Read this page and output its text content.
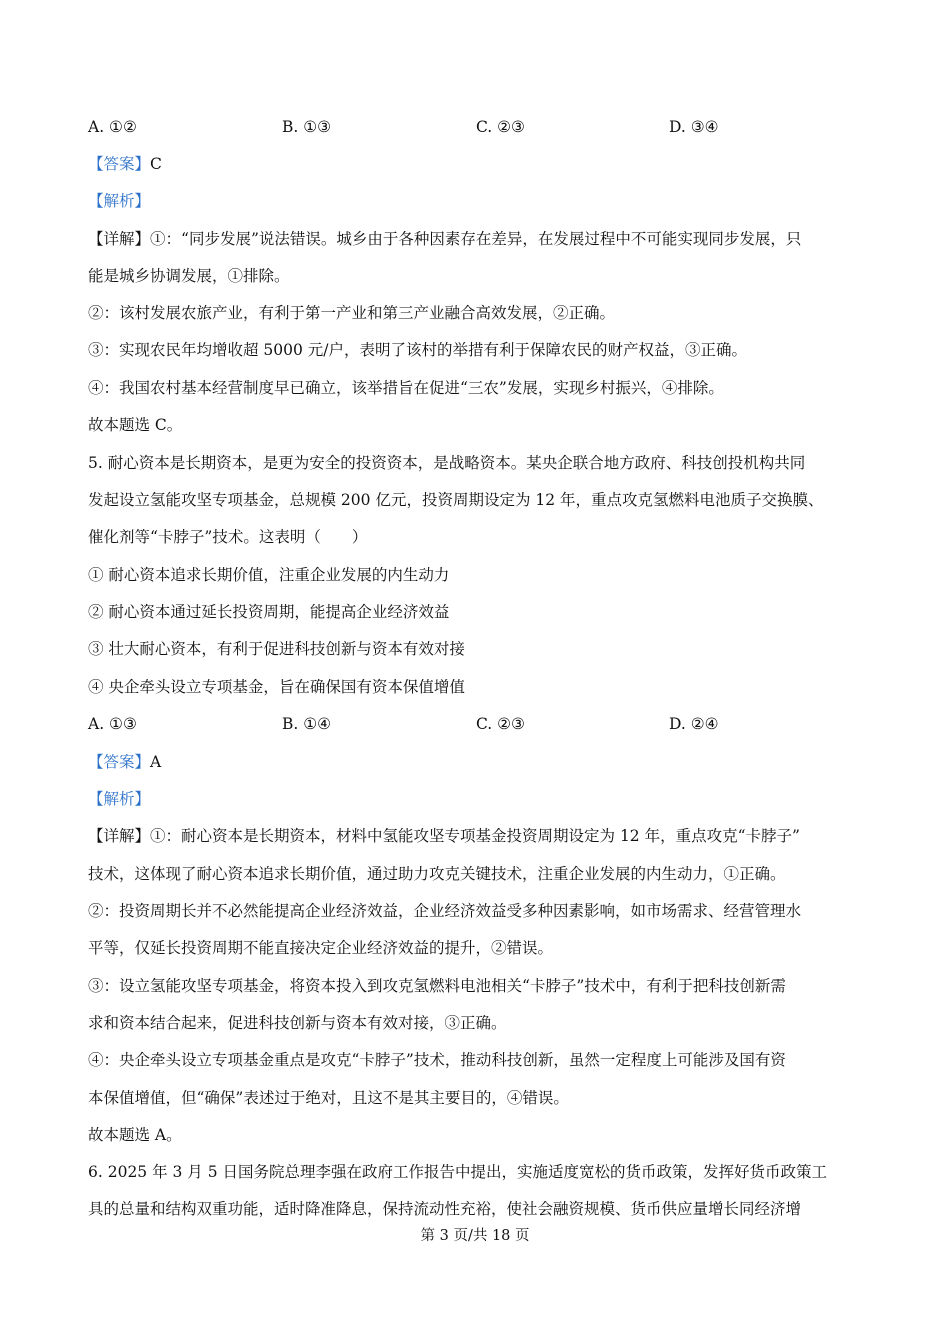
A. ①②	B. ①③	C. ②③	D. ③④
【答案】C
【解析】
【详解】①：“同步发展”说法错误。城乡由于各种因素存在差异，在发展过程中不可能实现同步发展，只
能是城乡协调发展，①排除。
②：该村发展农旅产业，有利于第一产业和第三产业融合高效发展，②正确。
③：实现农民年均增收超 5000 元/户，表明了该村的举措有利于保障农民的财产权益，③正确。
④：我国农村基本经营制度早已确立，该举措旨在促进“三农”发展，实现乡村振兴，④排除。
故本题选 C。
5. 耐心资本是长期资本，是更为安全的投资资本，是战略资本。某央企联合地方政府、科技创投机构共同
发起设立氢能攻坚专项基金，总规模 200 亿元，投资周期设定为 12 年，重点攻克氢燃料电池质子交换膜、
催化剂等“卡脖子”技术。这表明（　　）
① 耐心资本追求长期价值，注重企业发展的内生动力
② 耐心资本通过延长投资周期，能提高企业经济效益
③ 壮大耐心资本，有利于促进科技创新与资本有效对接
④ 央企牵头设立专项基金，旨在确保国有资本保值增值
A. ①③	B. ①④	C. ②③	D. ②④
【答案】A
【解析】
【详解】①：耐心资本是长期资本，材料中氢能攻坚专项基金投资周期设定为 12 年，重点攻克“卡脖子”
技术，这体现了耐心资本追求长期价值，通过助力攻克关键技术，注重企业发展的内生动力，①正确。
②：投资周期长并不必然能提高企业经济效益，企业经济效益受多种因素影响，如市场需求、经营管理水
平等，仅延长投资周期不能直接决定企业经济效益的提升，②错误。
③：设立氢能攻坚专项基金，将资本投入到攻克氢燃料电池相关“卡脖子”技术中，有利于把科技创新需
求和资本结合起来，促进科技创新与资本有效对接，③正确。
④：央企牵头设立专项基金重点是攻克“卡脖子”技术，推动科技创新，虽然一定程度上可能涉及国有资
本保值增值，但“确保”表述过于绝对，且这不是其主要目的，④错误。
故本题选 A。
6. 2025 年 3 月 5 日国务院总理李强在政府工作报告中提出，实施适度宽松的货币政策，发挥好货币政策工
具的总量和结构双重功能，适时降准降息，保持流动性充裕，使社会融资规模、货币供应量增长同经济增
第 3 页/共 18 页
